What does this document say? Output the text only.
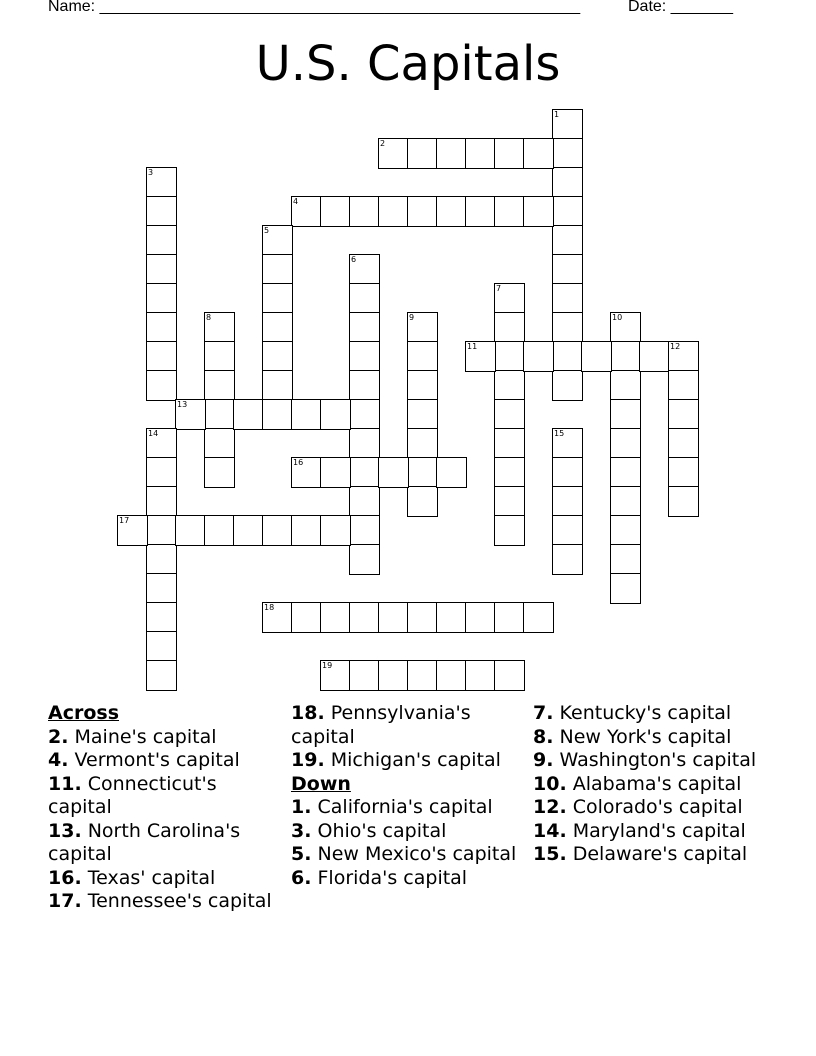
Name: ______________________________________________________	Date: _______
U.S. Capitals
1
2
3
4
5
6
7
8	9	10
11	12
13
14	15
16
17
18
19
Across
2. Maine's capital
4. Vermont's capital
11. Connecticut's capital
13. North Carolina's capital
16. Texas' capital
17. Tennessee's capital
18. Pennsylvania's capital
19. Michigan's capital
Down
1. California's capital
3. Ohio's capital
5. New Mexico's capital
6. Florida's capital
7. Kentucky's capital
8. New York's capital
9. Washington's capital
10. Alabama's capital
12. Colorado's capital
14. Maryland's capital
15. Delaware's capital
